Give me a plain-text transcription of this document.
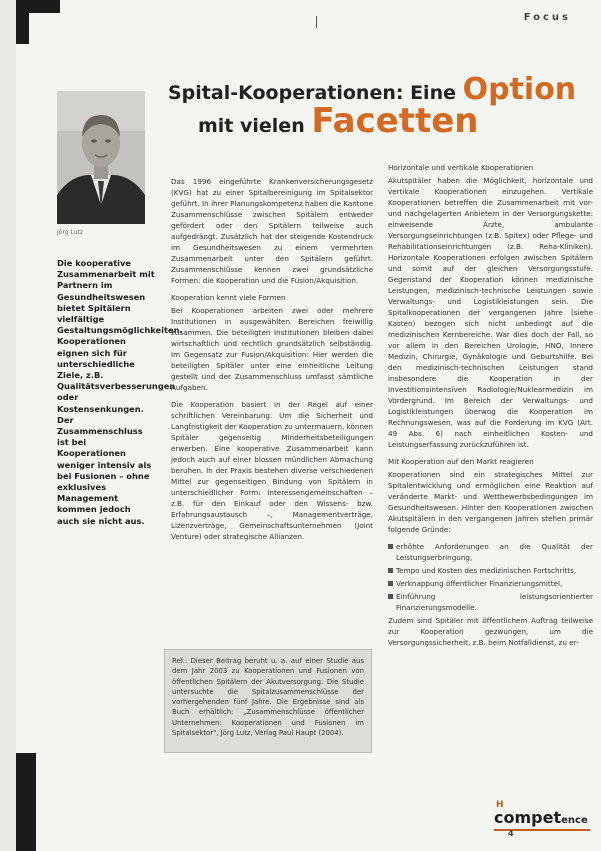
Focus
Spital-Kooperationen: Eine Option
mit vielen Facetten
Jörg Lutz
Die kooperative Zusammenarbeit mit Partnern im Gesundheitswesen bietet Spitälern vielfältige Gestaltungsmöglichkeiten. Kooperationen eignen sich für unterschiedliche Ziele, z.B. Qualitätsverbesserungen oder Kostensenkungen. Der Zusammenschluss ist bei Kooperationen weniger intensiv als bei Fusionen – ohne exklusives Management kommen jedoch auch sie nicht aus.

Das 1996 eingeführte Krankenversicherungsgesetz (KVG) hat zu einer Spitalbereinigung im Spitalsektor geführt. In ihrer Planungskompetenz haben die Kantone Zusammenschlüsse zwischen Spitälern entweder gefördert oder den Spitälern teilweise auch aufgedrängt. Zusätzlich hat der steigende Kostendruck im Gesundheitswesen zu einem vermehrten Zusammenarbeit unter den Spitälern geführt. Zusammenschlüsse kennen zwei grundsätzliche Formen: die Kooperation und die Fusion/Akquisition.

Kooperation kennt viele Formen

Bei Kooperationen arbeiten zwei oder mehrere Institutionen in ausgewählten Bereichen freiwillig zusammen. Die beteiligten Institutionen bleiben dabei wirtschaftlich und rechtlich grundsätzlich selbständig. Im Gegensatz zur Fusion/Akquisition: Hier werden die beteiligten Spitäler unter eine einheitliche Leitung gestellt und der Zusammenschluss umfasst sämtliche Aufgaben.

Die Kooperation basiert in der Regel auf einer schriftlichen Vereinbarung. Um die Sicherheit und Langfristigkeit der Kooperation zu untermauern, können Spitäler gegenseitig Minderheitsbeteiligungen erwerben. Eine kooperative Zusammenarbeit kann jedoch auch auf einer blossen mündlichen Abmachung beruhen. In der Praxis bestehen diverse verschiedenen Mittel zur gegenseitigen Bindung von Spitälern in unterschiedlicher Form: Interessengemeinschaften – z.B. für den Einkauf oder den Wissens- bzw. Erfahrungsaustausch –, Managementverträge, Lizenzverträge, Gemeinschaftsunternehmen (Joint Venture) oder strategische Allianzen.

Ref.: Dieser Beitrag beruht u. a. auf einer Studie aus dem Jahr 2003 zu Kooperationen und Fusionen von öffentlichen Spitälern der Akutversorgung. Die Studie untersuchte die Spitalzusammenschlüsse der vorhergehenden fünf Jahre. Die Ergebnisse sind als Buch erhältlich: „Zusammenschlüsse öffentlicher Unternehmen: Kooperationen und Fusionen im Spitalsektor", Jörg Lutz, Verlag Paul Haupt (2004).
Horizontale und vertikale Kooperationen

Akutspitäler haben die Möglichkeit, horizontale und vertikale Kooperationen einzugehen. Vertikale Kooperationen betreffen die Zusammenarbeit mit vor- und nachgelagerten Anbietern in der Versorgungskette: einweisende Ärzte, ambulante Versorgungseinrichtungen (z.B. Spitex) oder Pflege- und Rehabilitationseinrichtungen (z.B. Reha-Kliniken). Horizontale Kooperationen erfolgen zwischen Spitälern und somit auf der gleichen Versorgungsstufe. Gegenstand der Kooperation können medizinische Leistungen, medizinisch-technische Leistungen sowie Verwaltungs- und Logistikleistungen sein. Die Spitalkooperationen der vergangenen Jahre (siehe Kasten) bezogen sich nicht unbedingt auf die medizinischen Kernbereiche. War dies doch der Fall, so vor allem in den Bereichen Urologie, HNO, Innere Medizin, Chirurgie, Gynäkologie und Geburtshilfe. Bei den medizinisch-technischen Leistungen stand insbesondere die Kooperation in der Investitionsintensiven Radiologie/Nuklearmedizin im Vordergrund. Im Bereich der Verwaltungs- und Logistikleistungen überwog die Kooperation im Rechnungswesen, was auf die Forderung im KVG (Art. 49 Abs. 6) nach einheitlichen Kosten- und Leistungserfassung zurückzuführen ist.

Mit Kooperation auf den Markt reagieren

Kooperationen sind ein strategisches Mittel zur Spitalentwicklung und ermöglichen eine Reaktion auf veränderte Markt- und Wettbewerbsbedingungen im Gesundheitswesen. Hinter den Kooperationen zwischen Akutspitälern in den vergangenen Jahren stehen primär folgende Gründe:

erhöhte Anforderungen an die Qualität der Leistungserbringung,
Tempo und Kosten des medizinischen Fortschritts,
Verknappung öffentlicher Finanzierungsmittel,
Einführung leistungsorientierter Finanzierungsmodelle.

Zudem sind Spitäler mit öffentlichem Auftrag teilweise zur Kooperation gezwungen, um die Versorgungssicherheit, z.B. beim Notfalldienst, zu er-

H
competence
4
